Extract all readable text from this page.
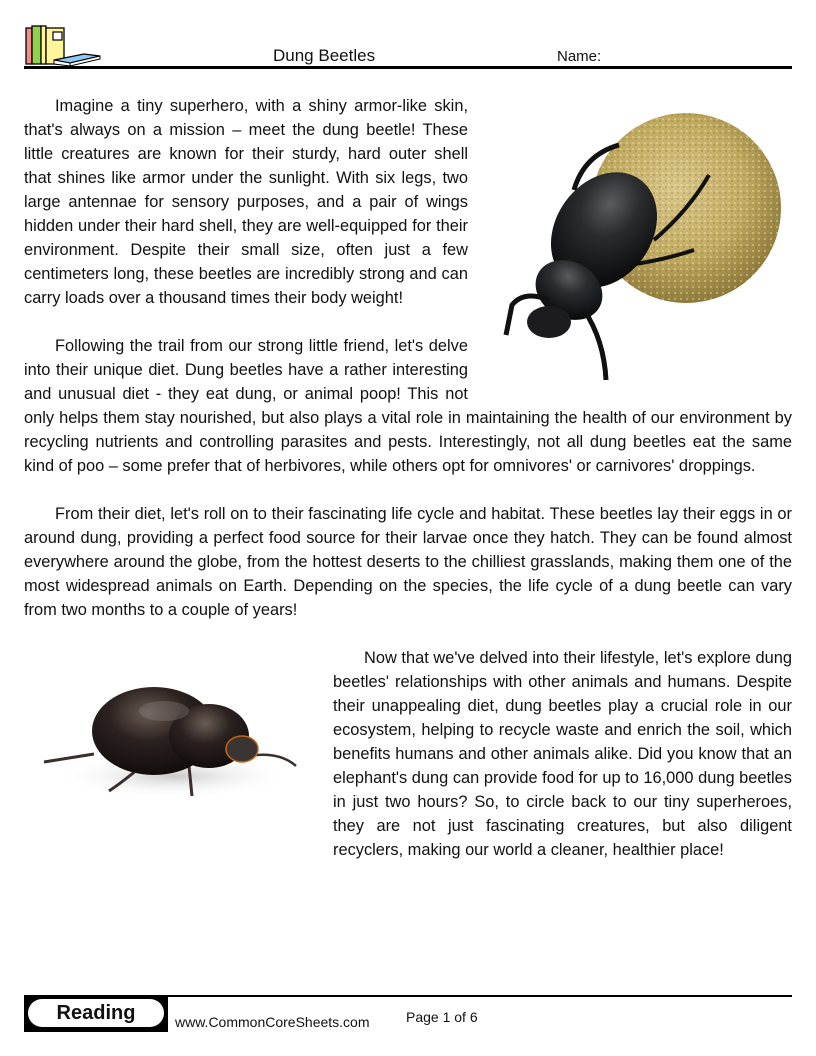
Dung Beetles	Name:

Imagine a tiny superhero, with a shiny armor-like skin, that's always on a mission – meet the dung beetle! These little creatures are known for their sturdy, hard outer shell that shines like armor under the sunlight. With six legs, two large antennae for sensory purposes, and a pair of wings hidden under their hard shell, they are well-equipped for their environment. Despite their small size, often just a few centimeters long, these beetles are incredibly strong and can carry loads over a thousand times their body weight!

Following the trail from our strong little friend, let's delve into their unique diet. Dung beetles have a rather interesting and unusual diet - they eat dung, or animal poop! This not only helps them stay nourished, but also plays a vital role in maintaining the health of our environment by recycling nutrients and controlling parasites and pests. Interestingly, not all dung beetles eat the same kind of poo – some prefer that of herbivores, while others opt for omnivores' or carnivores' droppings.

From their diet, let's roll on to their fascinating life cycle and habitat. These beetles lay their eggs in or around dung, providing a perfect food source for their larvae once they hatch. They can be found almost everywhere around the globe, from the hottest deserts to the chilliest grasslands, making them one of the most widespread animals on Earth. Depending on the species, the life cycle of a dung beetle can vary from two months to a couple of years!

Now that we've delved into their lifestyle, let's explore dung beetles' relationships with other animals and humans. Despite their unappealing diet, dung beetles play a crucial role in our ecosystem, helping to recycle waste and enrich the soil, which benefits humans and other animals alike. Did you know that an elephant's dung can provide food for up to 16,000 dung beetles in just two hours? So, to circle back to our tiny superheroes, they are not just fascinating creatures, but also diligent recyclers, making our world a cleaner, healthier place!

Reading	www.CommonCoreSheets.com	Page 1 of 6
